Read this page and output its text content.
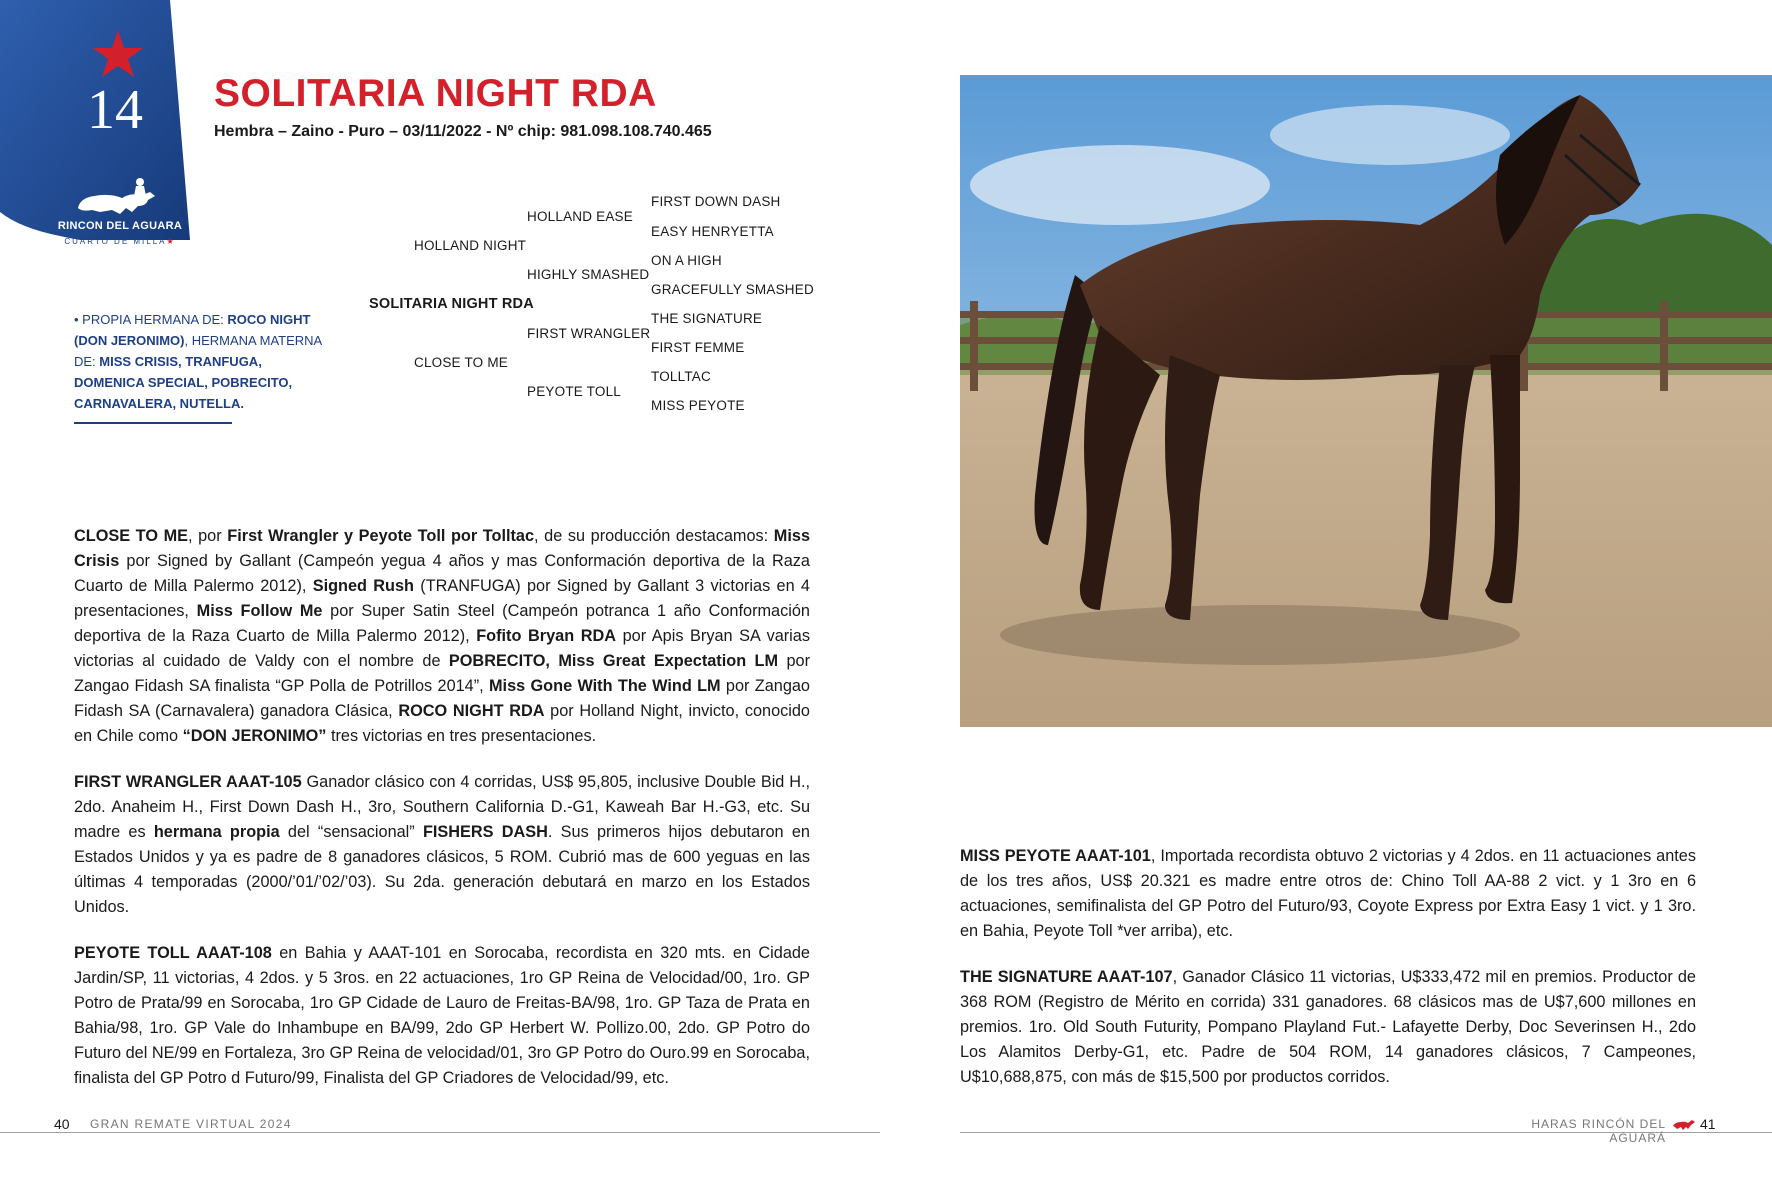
14
RINCON DEL AGUARA
CUARTO DE MILLA★
SOLITARIA NIGHT RDA
Hembra – Zaino - Puro – 03/11/2022 - Nº chip: 981.098.108.740.465
• PROPIA HERMANA DE: ROCO NIGHT (DON JERONIMO), HERMANA MATERNA DE: MISS CRISIS, TRANFUGA, DOMENICA SPECIAL, POBRECITO, CARNAVALERA, NUTELLA.
SOLITARIA NIGHT RDA
HOLLAND NIGHT
CLOSE TO ME
HOLLAND EASE
HIGHLY SMASHED
FIRST WRANGLER
PEYOTE TOLL
FIRST DOWN DASH
EASY HENRYETTA
ON A HIGH
GRACEFULLY SMASHED
THE SIGNATURE
FIRST FEMME
TOLLTAC
MISS PEYOTE
CLOSE TO ME, por First Wrangler y Peyote Toll por Tolltac, de su producción destacamos: Miss Crisis por Signed by Gallant (Campeón yegua 4 años y mas Conformación deportiva de la Raza Cuarto de Milla Palermo 2012), Signed Rush (TRANFUGA) por Signed by Gallant 3 victorias en 4 presentaciones, Miss Follow Me por Super Satin Steel (Campeón potranca 1 año Conformación deportiva de la Raza Cuarto de Milla Palermo 2012), Fofito Bryan RDA por Apis Bryan SA varias victorias al cuidado de Valdy con el nombre de POBRECITO, Miss Great Expectation LM por Zangao Fidash SA finalista “GP Polla de Potrillos 2014”, Miss Gone With The Wind LM por Zangao Fidash SA (Carnavalera) ganadora Clásica, ROCO NIGHT RDA por Holland Night, invicto, conocido en Chile como “DON JERONIMO” tres victorias en tres presentaciones.
FIRST WRANGLER AAAT-105 Ganador clásico con 4 corridas, US$ 95,805, inclusive Double Bid H., 2do. Anaheim H., First Down Dash H., 3ro, Southern California D.-G1, Kaweah Bar H.-G3, etc. Su madre es hermana propia del “sensacional” FISHERS DASH. Sus primeros hijos debutaron en Estados Unidos y ya es padre de 8 ganadores clásicos, 5 ROM. Cubrió mas de 600 yeguas en las últimas 4 temporadas (2000/’01/’02/’03). Su 2da. generación debutará en marzo en los Estados Unidos.
PEYOTE TOLL AAAT-108 en Bahia y AAAT-101 en Sorocaba, recordista en 320 mts. en Cidade Jardin/SP, 11 victorias, 4 2dos. y 5 3ros. en 22 actuaciones, 1ro GP Reina de Velocidad/00, 1ro. GP Potro de Prata/99 en Sorocaba, 1ro GP Cidade de Lauro de Freitas-BA/98, 1ro. GP Taza de Prata en Bahia/98, 1ro. GP Vale do Inhambupe en BA/99, 2do GP Herbert W. Pollizo.00, 2do. GP Potro do Futuro del NE/99 en Fortaleza, 3ro GP Reina de velocidad/01, 3ro GP Potro do Ouro.99 en Sorocaba, finalista del GP Potro d Futuro/99, Finalista del GP Criadores de Velocidad/99, etc.
MISS PEYOTE AAAT-101, Importada recordista obtuvo 2 victorias y 4 2dos. en 11 actuaciones antes de los tres años, US$ 20.321 es madre entre otros de: Chino Toll AA-88 2 vict. y 1 3ro en 6 actuaciones, semifinalista del GP Potro del Futuro/93, Coyote Express por Extra Easy 1 vict. y 1 3ro. en Bahia, Peyote Toll *ver arriba), etc.
THE SIGNATURE AAAT-107, Ganador Clásico 11 victorias, U$333,472 mil en premios. Productor de 368 ROM (Registro de Mérito en corrida) 331 ganadores. 68 clásicos mas de U$7,600 millones en premios. 1ro. Old South Futurity, Pompano Playland Fut.- Lafayette Derby, Doc Severinsen H., 2do Los Alamitos Derby-G1, etc. Padre de 504 ROM, 14 ganadores clásicos, 7 Campeones, U$10,688,875, con más de $15,500 por productos corridos.
40 GRAN REMATE VIRTUAL 2024	HARAS RINCÓN DEL AGUARÁ
41
